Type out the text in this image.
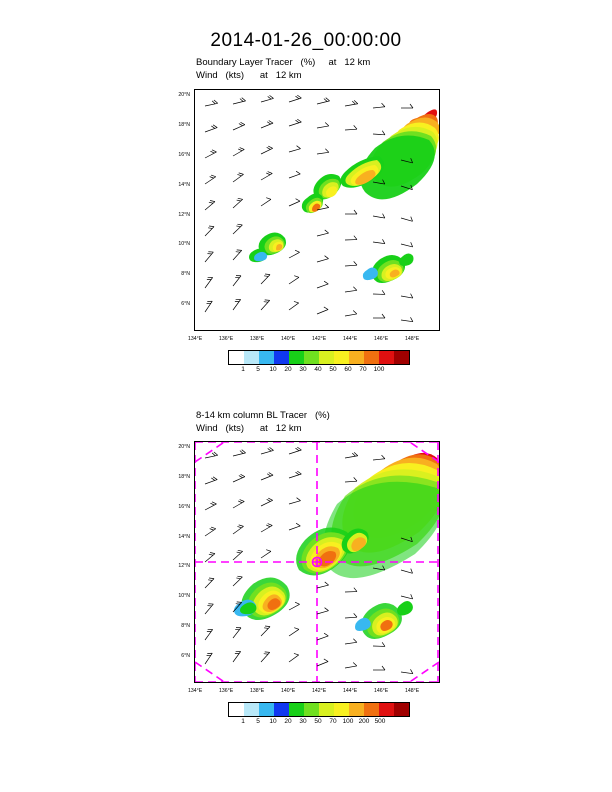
2014-01-26_00:00:00
Boundary Layer Tracer   (%)     at   12 km
Wind   (kts)      at   12 km
20°N
18°N
16°N
14°N
12°N
10°N
8°N
6°N
134°E	136°E	138°E	140°E	142°E	144°E	146°E	148°E
1 5 10 20 30 40 50 60 70 100
8-14 km column BL Tracer   (%)
Wind   (kts)      at   12 km
20°N
18°N
16°N
14°N
12°N
10°N
8°N
6°N
134°E	136°E	138°E	140°E	142°E	144°E	146°E	148°E
1 5 10 20 30 50 70 100 200 500
